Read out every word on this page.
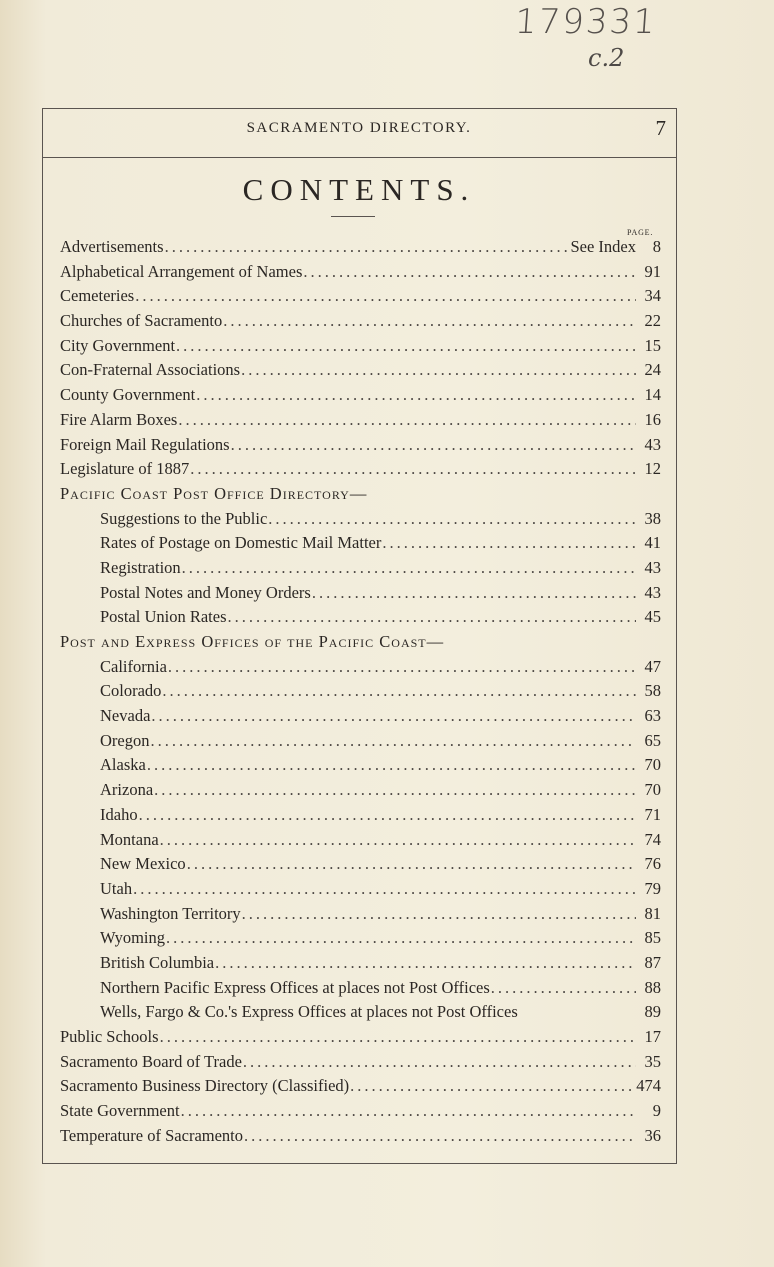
179331
c.2
SACRAMENTO DIRECTORY.	7
CONTENTS.
PAGE.
Advertisements .....	See Index	8
Alphabetical Arrangement of Names .....	91
Cemeteries .....	34
Churches of Sacramento .....	22
City Government .....	15
Con-Fraternal Associations .....	24
County Government .....	14
Fire Alarm Boxes .....	16
Foreign Mail Regulations .....	43
Legislature of 1887 .....	12
Pacific Coast Post Office Directory—
Suggestions to the Public .....	38
Rates of Postage on Domestic Mail Matter .....	41
Registration .....	43
Postal Notes and Money Orders .....	43
Postal Union Rates .....	45
Post and Express Offices of the Pacific Coast—
California .....	47
Colorado .....	58
Nevada .....	63
Oregon .....	65
Alaska .....	70
Arizona .....	70
Idaho .....	71
Montana .....	74
New Mexico .....	76
Utah .....	79
Washington Territory .....	81
Wyoming .....	85
British Columbia .....	87
Northern Pacific Express Offices at places not Post Offices .....	88
Wells, Fargo & Co.'s Express Offices at places not Post Offices	89
Public Schools .....	17
Sacramento Board of Trade .....	35
Sacramento Business Directory (Classified) .....	474
State Government .....	9
Temperature of Sacramento .....	36
